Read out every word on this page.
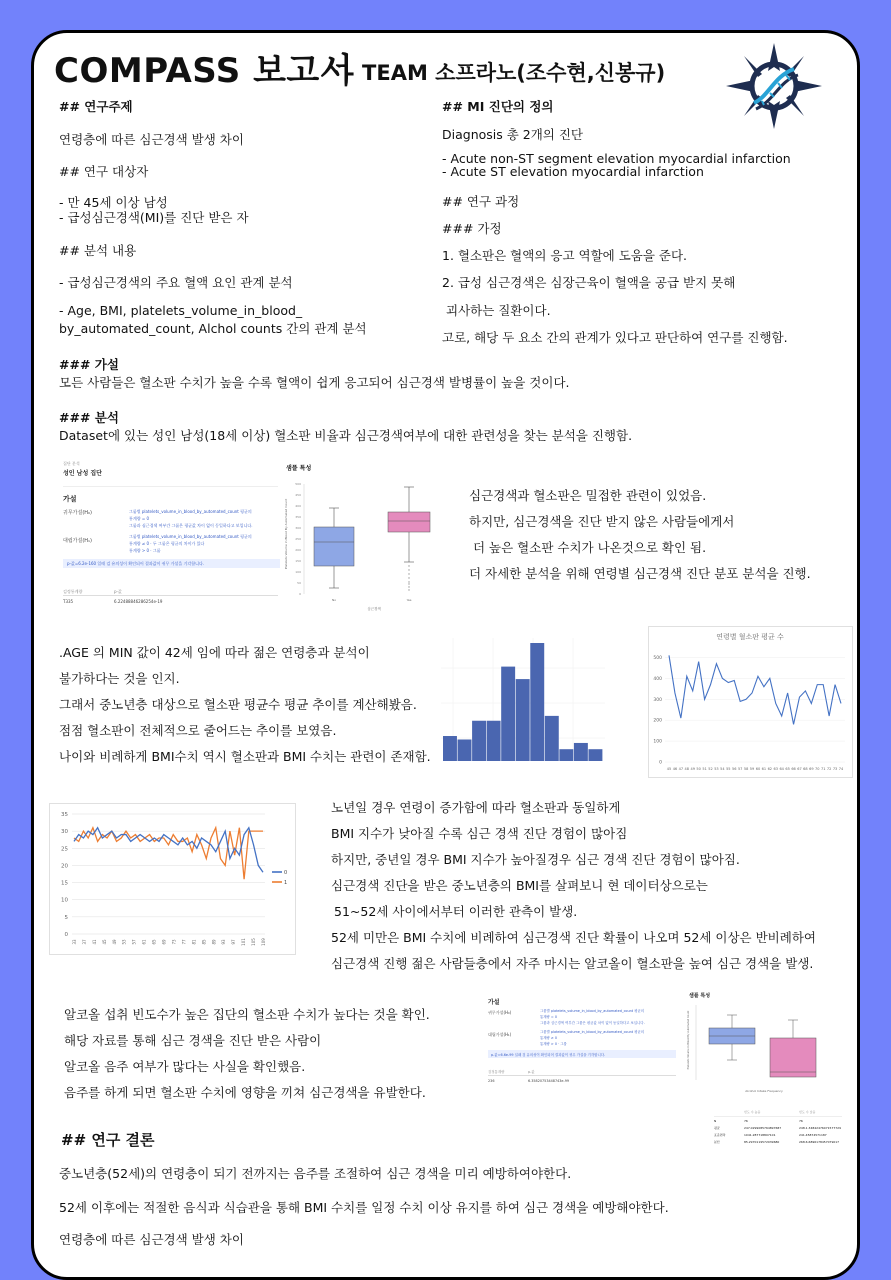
COMPASS 보고서
- TEAM 소프라노(조수현,신봉규)
## 연구주제
연령층에 따른 심근경색 발생 차이
## 연구 대상자
- 만 45세 이상 남성
- 급성심근경색(MI)를 진단 받은 자
## 분석 내용
- 급성심근경색의 주요 혈액 요인 관계 분석
- Age, BMI, platelets_volume_in_blood_
by_automated_count, Alchol counts 간의 관계 분석
## MI 진단의 정의
Diagnosis 총 2개의 진단
- Acute non-ST segment elevation myocardial infarction
- Acute ST elevation myocardial infarction
## 연구 과정
### 가정
1. 혈소판은 혈액의 응고 역할에 도움을 준다.
2. 급성 심근경색은 심장근육이 혈액을 공급 받지 못해
괴사하는 질환이다.
고로, 해당 두 요소 간의 관계가 있다고 판단하여 연구를 진행함.
### 가설
모든 사람들은 혈소판 수치가 높을 수록 혈액이 쉽게 응고되어 심근경색 발병률이 높을 것이다.
### 분석
Dataset에 있는 성인 남성(18세 이상) 혈소판 비율과 심근경색여부에 대한 관련성을 찾는 분석을 진행함.
집단 분석
성인 남성 집단
가설
귀무가설(H₀)	그룹별 platelets_volume_in_blood_by_automated_count 평균의
통계량 = 0
그룹과 심근경색 여부간 그룹은 평균값 차이 없이 동일하다고 보입니다.
대립가설(H₁)
그룹별 platelets_volume_in_blood_by_automated_count 평균의
통계량 ≠ 0 · 두 그룹은 평균의 차이가 있다
통계량 > 0 · 그룹
p-값=6.2e-160 일때 검 유의성이 확인되어 결과값이 귀무 가설을 기각합니다.
검정통계량	p-값
T335	6.22488846286254e-19
샘플 특성
Platelets Volume in Blood By Automated Count
0
50
100
150
200
250
300
350
400
450
500
No	Yes
심근경색
심근경색과 혈소판은 밀접한 관련이 있었음.
하지만, 심근경색을 진단 받지 않은 사람들에게서
더 높은 혈소판 수치가 나온것으로 확인 됨.
더 자세한 분석을 위해 연령별 심근경색 진단 분포 분석을 진행.
.AGE 의 MIN 값이 42세 임에 따라 젊은 연령층과 분석이
불가하다는 것을 인지.
그래서 중노년층 대상으로 혈소판 평균수 평균 추이를 계산해봤음.
점점 혈소판이 전체적으로 줄어드는 추이를 보였음.
나이와 비례하게 BMI수치 역시 혈소판과 BMI 수치는 관련이 존재함.
연령별 혈소판 평균 수
0
100
200
300
400
500
45 46 47 48 49 50 51 52 53 54 55 56 57 58 59 60 61 62 63 64 65 66 67 68 69 70 71 72 73 74
0
5
10
15
20
25
30
35
33 37 41 45 49 53 57 61 65 69 73 77 81 85 89 93 97 101 105 109
0
1
노년일 경우 연령이 증가함에 따라 혈소판과 동일하게
BMI 지수가 낮아질 수록 심근 경색 진단 경험이 많아짐
하지만, 중년일 경우 BMI 지수가 높아질경우 심근 경색 진단 경험이 많아짐.
심근경색 진단을 받은 중노년층의 BMI를 살펴보니 현 데이터상으로는
51~52세 사이에서부터 이러한 관측이 발생.
52세 미만은 BMI 수치에 비례하여 심근경색 진단 확률이 나오며 52세 이상은 반비례하여
심근경색 진행 젊은 사람들층에서 자주 마시는 알코올이 혈소판을 높여 심근 경색을 발생.
알코올 섭취 빈도수가 높은 집단의 혈소판 수치가 높다는 것을 확인.
해당 자료를 통해 심근 경색을 진단 받은 사람이
알코올 음주 여부가 많다는 사실을 확인했음.
음주를 하게 되면 혈소판 수치에 영향을 끼쳐 심근경색을 유발한다.
가설
귀무가설(H₀)	그룹별 platelets_volume_in_blood_by_automated_count 평균의
통계량 = 0
그룹과 심근경색 여부간 그룹은 평균값 차이 없이 동일하다고 보입니다.
대립가설(H₁)	그룹별 platelets_volume_in_blood_by_automated_count 평균의
통계량 ≠ 0
통계량 > 0 · 그룹
p-값=6.6e-99 일때 검 유의성이 확인되어 결과값이 귀무 가설을 기각합니다.
검정통계량	p-값
236	6.35820753448743e-99
샘플 특성
Platelets Volume in Blood By Automated Count
Alcohol Intake Frequency
빈도 수 높음	빈도 수 낮음
N	76	76
평균	247.0299085764897687	248.1.34842476071577729
표준편차	1041.287718807101	241.45874571187
분산	85.2970119572039680	268.6.6896178457079017
## 연구 결론
중노년층(52세)의 연령층이 되기 전까지는 음주를 조절하여 심근 경색을 미리 예방하여야한다.
52세 이후에는 적절한 음식과 식습관을 통해 BMI 수치를 일정 수치 이상 유지를 하여 심근 경색을 예방해야한다.
연령층에 따른 심근경색 발생 차이
